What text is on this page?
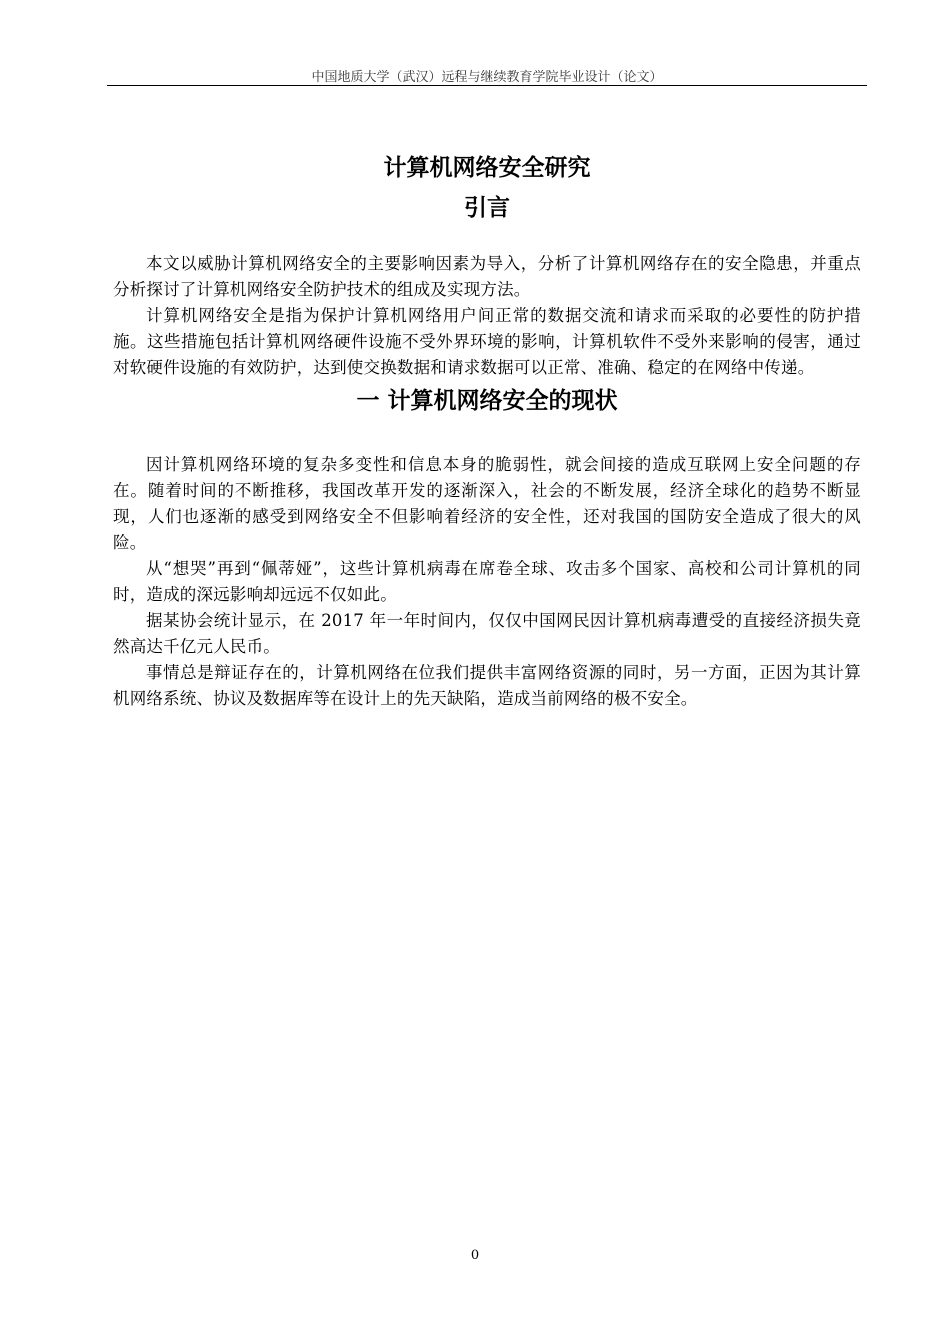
中国地质大学（武汉）远程与继续教育学院毕业设计（论文）
计算机网络安全研究
引言

本文以威胁计算机网络安全的主要影响因素为导入，分析了计算机网络存在的安全隐患，并重点分析探讨了计算机网络安全防护技术的组成及实现方法。

计算机网络安全是指为保护计算机网络用户间正常的数据交流和请求而采取的必要性的防护措施。这些措施包括计算机网络硬件设施不受外界环境的影响，计算机软件不受外来影响的侵害，通过对软硬件设施的有效防护，达到使交换数据和请求数据可以正常、准确、稳定的在网络中传递。

一 计算机网络安全的现状

因计算机网络环境的复杂多变性和信息本身的脆弱性，就会间接的造成互联网上安全问题的存在。随着时间的不断推移，我国改革开发的逐渐深入，社会的不断发展，经济全球化的趋势不断显现，人们也逐渐的感受到网络安全不但影响着经济的安全性，还对我国的国防安全造成了很大的风险。

从“想哭”再到“佩蒂娅”，这些计算机病毒在席卷全球、攻击多个国家、高校和公司计算机的同时，造成的深远影响却远远不仅如此。

据某协会统计显示，在 2017 年一年时间内，仅仅中国网民因计算机病毒遭受的直接经济损失竟然高达千亿元人民币。

事情总是辩证存在的，计算机网络在位我们提供丰富网络资源的同时，另一方面，正因为其计算机网络系统、协议及数据库等在设计上的先天缺陷，造成当前网络的极不安全。

0
